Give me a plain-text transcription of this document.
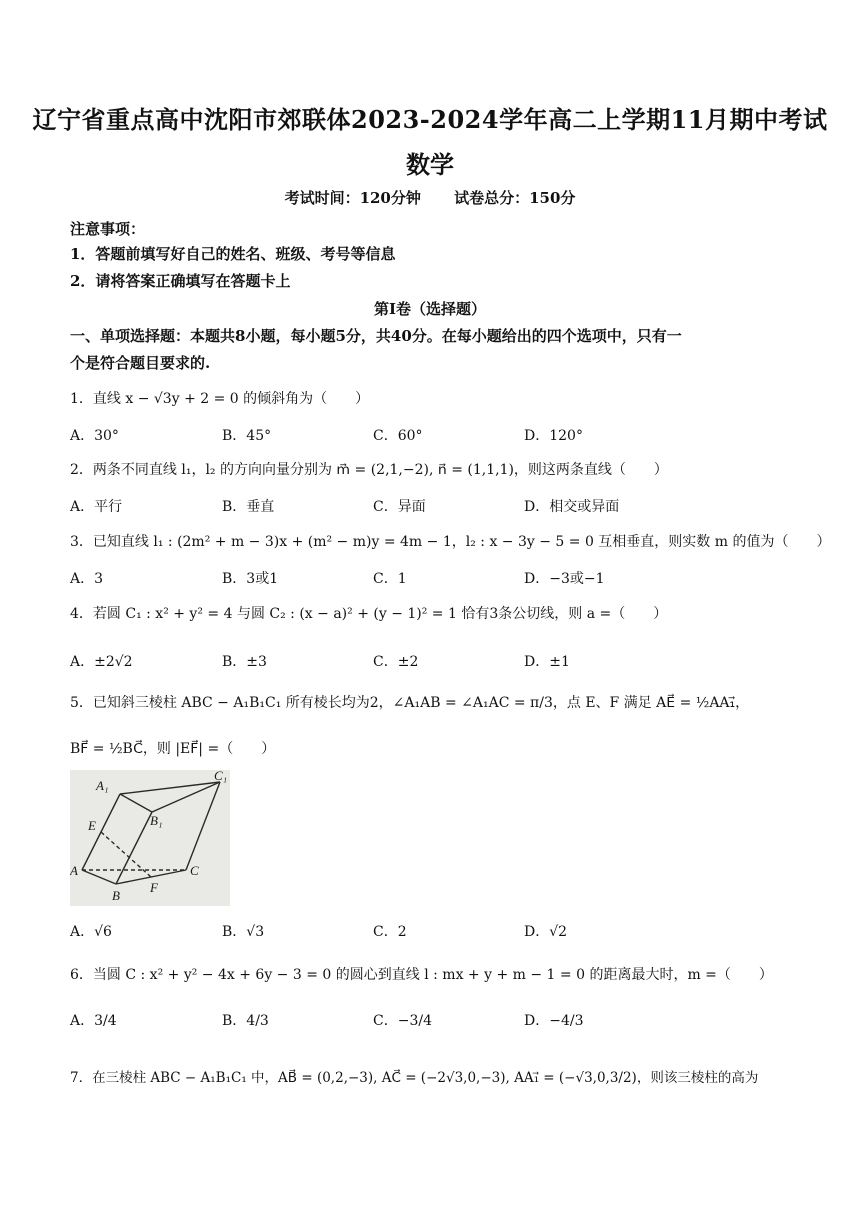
辽宁省重点高中沈阳市郊联体2023-2024学年高二上学期11月期中考试
数学
考试时间：120分钟 试卷总分：150分
注意事项：
1．答题前填写好自己的姓名、班级、考号等信息
2．请将答案正确填写在答题卡上
第I卷（选择题）
一、单项选择题：本题共8小题，每小题5分，共40分。在每小题给出的四个选项中，只有一
个是符合题目要求的.
1．直线 x − √3y + 2 = 0 的倾斜角为（　　）
A．30°	B．45°	C．60°	D．120°
2．两条不同直线 l₁，l₂ 的方向向量分别为 m⃗ = (2,1,−2), n⃗ = (1,1,1)，则这两条直线（　　）
A．平行	B．垂直	C．异面	D．相交或异面
3．已知直线 l₁ : (2m² + m − 3)x + (m² − m)y = 4m − 1，l₂ : x − 3y − 5 = 0 互相垂直，则实数 m 的值为（　　）
A．3	B．3或1	C．1	D．−3或−1
4．若圆 C₁ : x² + y² = 4 与圆 C₂ : (x − a)² + (y − 1)² = 1 恰有3条公切线，则 a =（　　）
A．±2√2	B．±3	C．±2	D．±1
5．已知斜三棱柱 ABC − A₁B₁C₁ 所有棱长均为2，∠A₁AB = ∠A₁AC = π/3，点 E、F 满足 AE⃗ = ½AA₁⃗，
BF⃗ = ½BC⃗，则 |EF⃗| =（　　）
A₁
C₁
B₁
E
A	C
B
F
A．√6	B．√3	C．2	D．√2
6．当圆 C : x² + y² − 4x + 6y − 3 = 0 的圆心到直线 l : mx + y + m − 1 = 0 的距离最大时，m =（　　）
A．3/4	B．4/3	C．−3/4	D．−4/3
7．在三棱柱 ABC − A₁B₁C₁ 中，AB⃗ = (0,2,−3), AC⃗ = (−2√3,0,−3), AA₁⃗ = (−√3,0,3/2)，则该三棱柱的高为
